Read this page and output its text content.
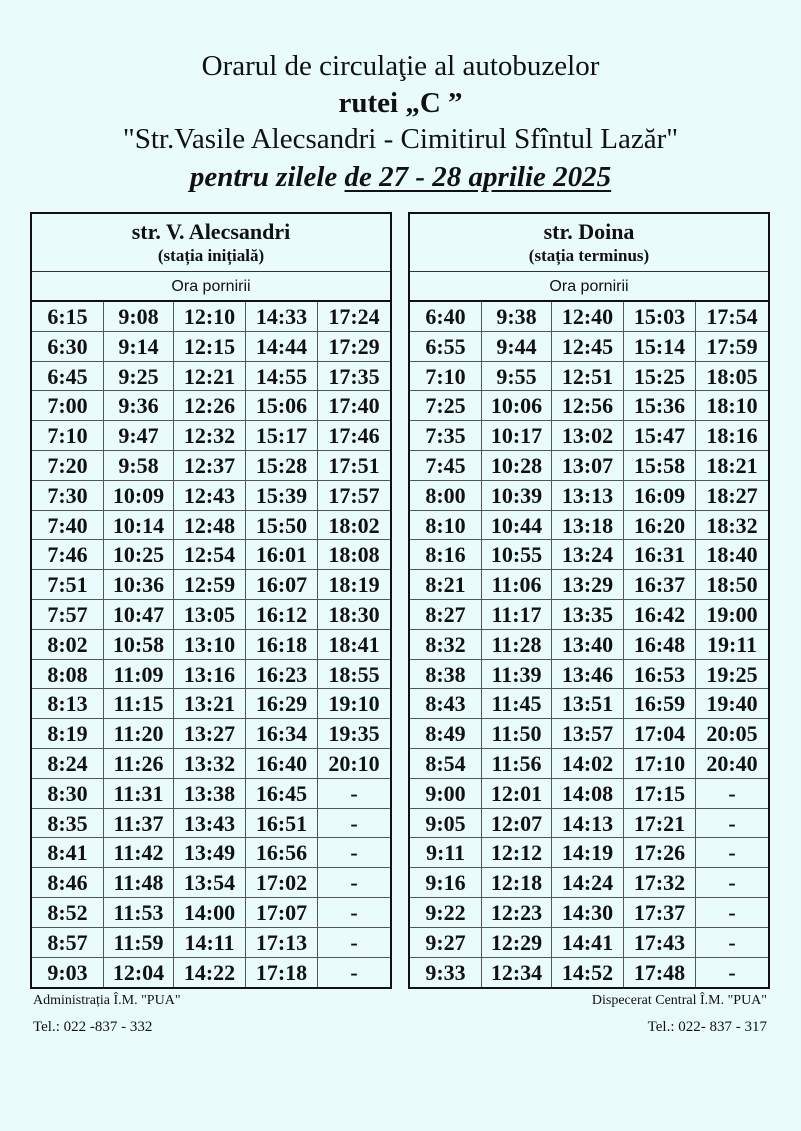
Orarul de circulaţie al autobuzelor
rutei „C ”
"Str.Vasile Alecsandri - Cimitirul Sfîntul Lazăr"
pentru zilele de 27 - 28 aprilie 2025
str. V. Alecsandri
(stația inițială)
Ora pornirii
6:15	9:08	12:10 14:33 17:24
6:30	9:14	12:15 14:44 17:29
6:45	9:25	12:21 14:55 17:35
7:00	9:36	12:26 15:06 17:40
7:10	9:47	12:32 15:17 17:46
7:20	9:58	12:37 15:28 17:51
7:30	10:09 12:43 15:39 17:57
7:40	10:14 12:48 15:50 18:02
7:46	10:25 12:54 16:01 18:08
7:51	10:36 12:59 16:07 18:19
7:57	10:47 13:05 16:12 18:30
8:02	10:58 13:10 16:18 18:41
8:08	11:09 13:16 16:23 18:55
8:13	11:15 13:21 16:29 19:10
8:19	11:20 13:27 16:34 19:35
8:24	11:26 13:32 16:40 20:10
8:30	11:31 13:38 16:45	-
8:35	11:37 13:43 16:51	-
8:41	11:42 13:49 16:56	-
8:46	11:48 13:54 17:02	-
8:52	11:53 14:00 17:07	-
8:57	11:59 14:11 17:13	-
9:03	12:04 14:22 17:18	-
str. Doina
(stația terminus)
Ora pornirii
6:40	9:38	12:40 15:03 17:54
6:55	9:44	12:45 15:14 17:59
7:10	9:55	12:51 15:25 18:05
7:25	10:06 12:56 15:36 18:10
7:35	10:17 13:02 15:47 18:16
7:45	10:28 13:07 15:58 18:21
8:00	10:39 13:13 16:09 18:27
8:10	10:44 13:18 16:20 18:32
8:16	10:55 13:24 16:31 18:40
8:21	11:06 13:29 16:37 18:50
8:27	11:17 13:35 16:42 19:00
8:32	11:28 13:40 16:48 19:11
8:38	11:39 13:46 16:53 19:25
8:43	11:45 13:51 16:59 19:40
8:49	11:50 13:57 17:04 20:05
8:54	11:56 14:02 17:10 20:40
9:00	12:01 14:08 17:15	-
9:05	12:07 14:13 17:21	-
9:11	12:12 14:19 17:26	-
9:16	12:18 14:24 17:32	-
9:22	12:23 14:30 17:37	-
9:27	12:29 14:41 17:43	-
9:33	12:34 14:52 17:48	-
Administrația Î.M. "PUA"
Tel.: 022 -837 - 332
Dispecerat Central Î.M. "PUA"
Tel.: 022- 837 - 317
